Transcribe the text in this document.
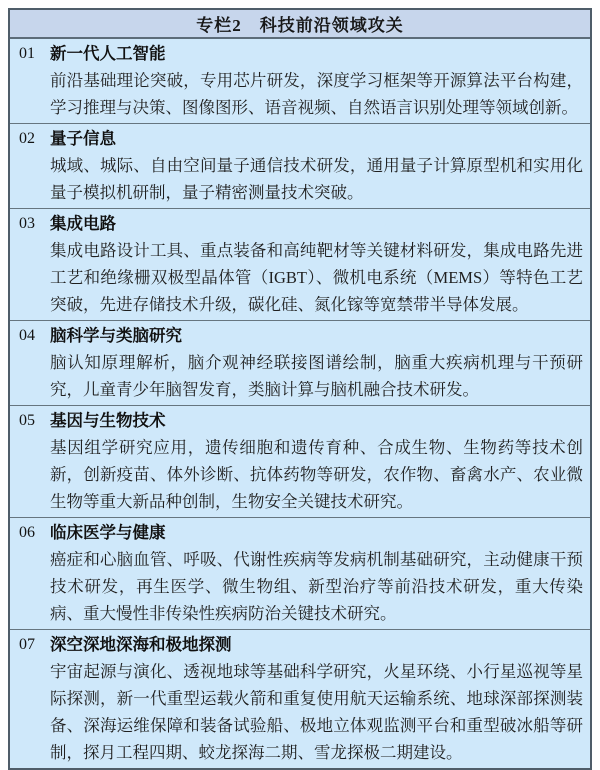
专栏2　科技前沿领域攻关
01 新一代人工智能
前沿基础理论突破，专用芯片研发，深度学习框架等开源算法平台构建，学习推理与决策、图像图形、语音视频、自然语言识别处理等领域创新。
02 量子信息
城域、城际、自由空间量子通信技术研发，通用量子计算原型机和实用化量子模拟机研制，量子精密测量技术突破。
03 集成电路
集成电路设计工具、重点装备和高纯靶材等关键材料研发，集成电路先进工艺和绝缘栅双极型晶体管（IGBT）、微机电系统（MEMS）等特色工艺突破，先进存储技术升级，碳化硅、氮化镓等宽禁带半导体发展。
04 脑科学与类脑研究
脑认知原理解析，脑介观神经联接图谱绘制，脑重大疾病机理与干预研究，儿童青少年脑智发育，类脑计算与脑机融合技术研发。
05 基因与生物技术
基因组学研究应用，遗传细胞和遗传育种、合成生物、生物药等技术创新，创新疫苗、体外诊断、抗体药物等研发，农作物、畜禽水产、农业微生物等重大新品种创制，生物安全关键技术研究。
06 临床医学与健康
癌症和心脑血管、呼吸、代谢性疾病等发病机制基础研究，主动健康干预技术研发，再生医学、微生物组、新型治疗等前沿技术研发，重大传染病、重大慢性非传染性疾病防治关键技术研究。
07 深空深地深海和极地探测
宇宙起源与演化、透视地球等基础科学研究，火星环绕、小行星巡视等星际探测，新一代重型运载火箭和重复使用航天运输系统、地球深部探测装备、深海运维保障和装备试验船、极地立体观监测平台和重型破冰船等研制，探月工程四期、蛟龙探海二期、雪龙探极二期建设。
